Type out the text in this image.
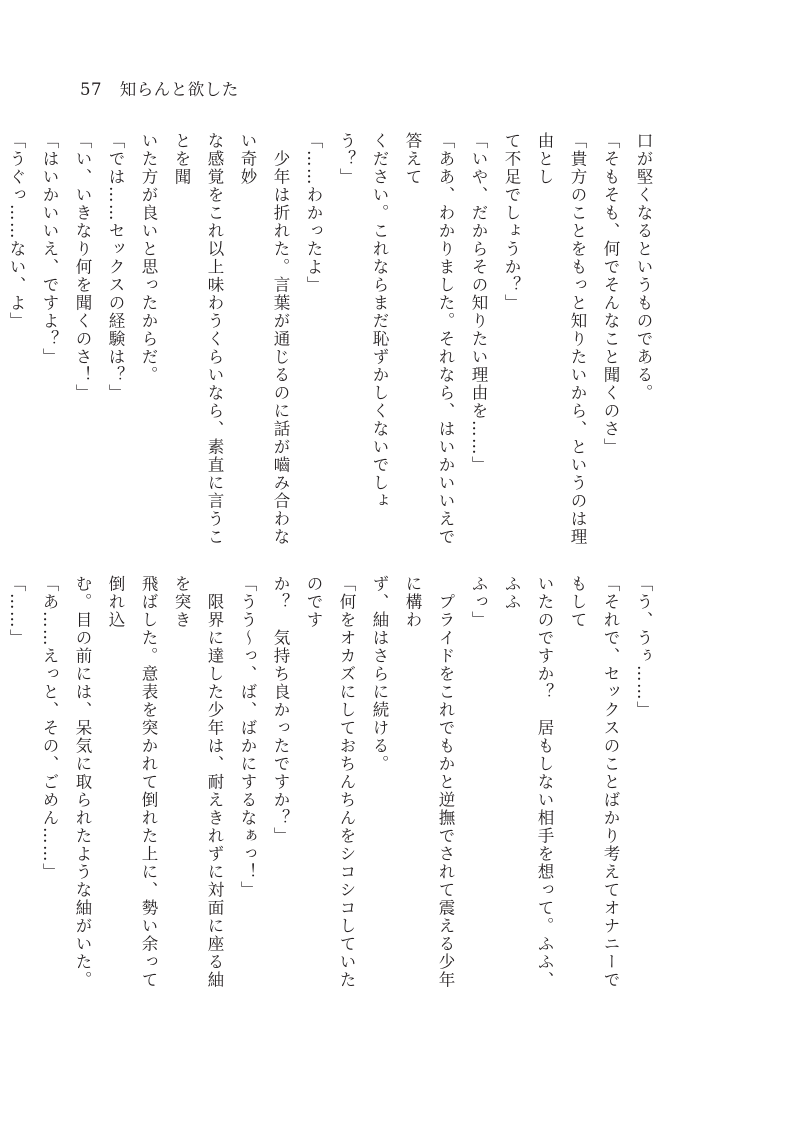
57 知らんと欲した

口が堅くなるというものである。

「そもそも、何でそんなこと聞くのさ」

「貴方のことをもっと知りたいから、というのは理由とし

て不足でしょうか？」

「いや、だからその知りたい理由を……」

「ああ、わかりました。それなら、はいかいいえで答えて

ください。これならまだ恥ずかしくないでしょう？」

「……わかったよ」

　少年は折れた。言葉が通じるのに話が嚙み合わない奇妙

な感覚をこれ以上味わうくらいなら、素直に言うことを聞

いた方が良いと思ったからだ。

「では……セックスの経験は？」

「い、いきなり何を聞くのさ！」

「はいかいいえ、ですよ？」

「うぐっ……ない、よ」

「う、うぅ……」

「それで、セックスのことばかり考えてオナニーでもして

いたのですか？　居もしない相手を想って。ふふ、ふふ

ふっ」

　プライドをこれでもかと逆撫でされて震える少年に構わ

ず、紬はさらに続ける。

「何をオカズにしておちんちんをシコシコしていたのです

か？　気持ち良かったですか？」

「うう〜っ、ば、ばかにするなぁっ！」

　限界に達した少年は、耐えきれずに対面に座る紬を突き

飛ばした。意表を突かれて倒れた上に、勢い余って倒れ込

む。目の前には、呆気に取られたような紬がいた。

「あ……えっと、その、ごめん……」

「……」
